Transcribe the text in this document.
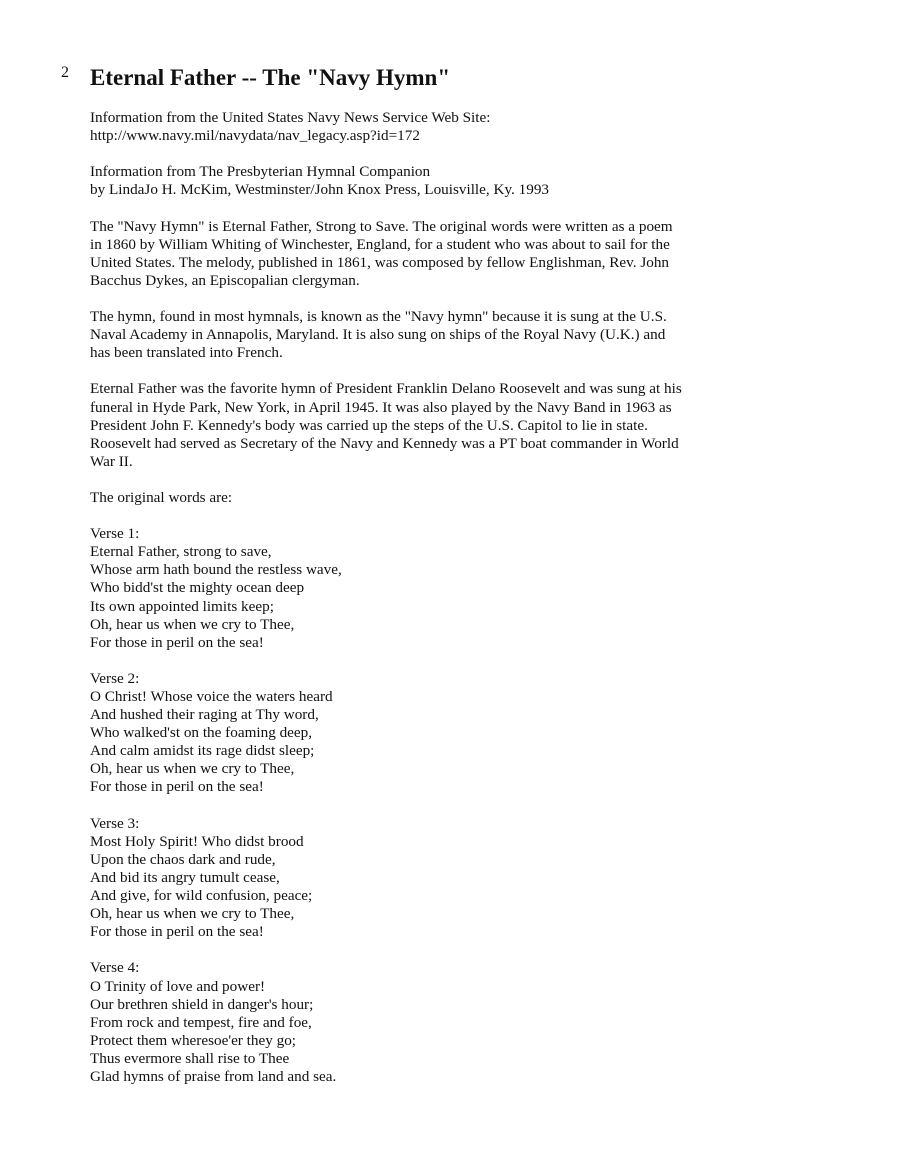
2 Eternal Father -- The "Navy Hymn"
Information from the United States Navy News Service Web Site:
http://www.navy.mil/navydata/nav_legacy.asp?id=172
Information from The Presbyterian Hymnal Companion
by LindaJo H. McKim, Westminster/John Knox Press, Louisville, Ky. 1993
The "Navy Hymn" is Eternal Father, Strong to Save. The original words were written as a poem
in 1860 by William Whiting of Winchester, England, for a student who was about to sail for the
United States. The melody, published in 1861, was composed by fellow Englishman, Rev. John
Bacchus Dykes, an Episcopalian clergyman.
The hymn, found in most hymnals, is known as the "Navy hymn" because it is sung at the U.S.
Naval Academy in Annapolis, Maryland. It is also sung on ships of the Royal Navy (U.K.) and
has been translated into French.
Eternal Father was the favorite hymn of President Franklin Delano Roosevelt and was sung at his
funeral in Hyde Park, New York, in April 1945. It was also played by the Navy Band in 1963 as
President John F. Kennedy's body was carried up the steps of the U.S. Capitol to lie in state.
Roosevelt had served as Secretary of the Navy and Kennedy was a PT boat commander in World
War II.
The original words are:
Verse 1:
Eternal Father, strong to save,
Whose arm hath bound the restless wave,
Who bidd'st the mighty ocean deep
Its own appointed limits keep;
Oh, hear us when we cry to Thee,
For those in peril on the sea!
Verse 2:
O Christ! Whose voice the waters heard
And hushed their raging at Thy word,
Who walked'st on the foaming deep,
And calm amidst its rage didst sleep;
Oh, hear us when we cry to Thee,
For those in peril on the sea!
Verse 3:
Most Holy Spirit! Who didst brood
Upon the chaos dark and rude,
And bid its angry tumult cease,
And give, for wild confusion, peace;
Oh, hear us when we cry to Thee,
For those in peril on the sea!
Verse 4:
O Trinity of love and power!
Our brethren shield in danger's hour;
From rock and tempest, fire and foe,
Protect them wheresoe'er they go;
Thus evermore shall rise to Thee
Glad hymns of praise from land and sea.
